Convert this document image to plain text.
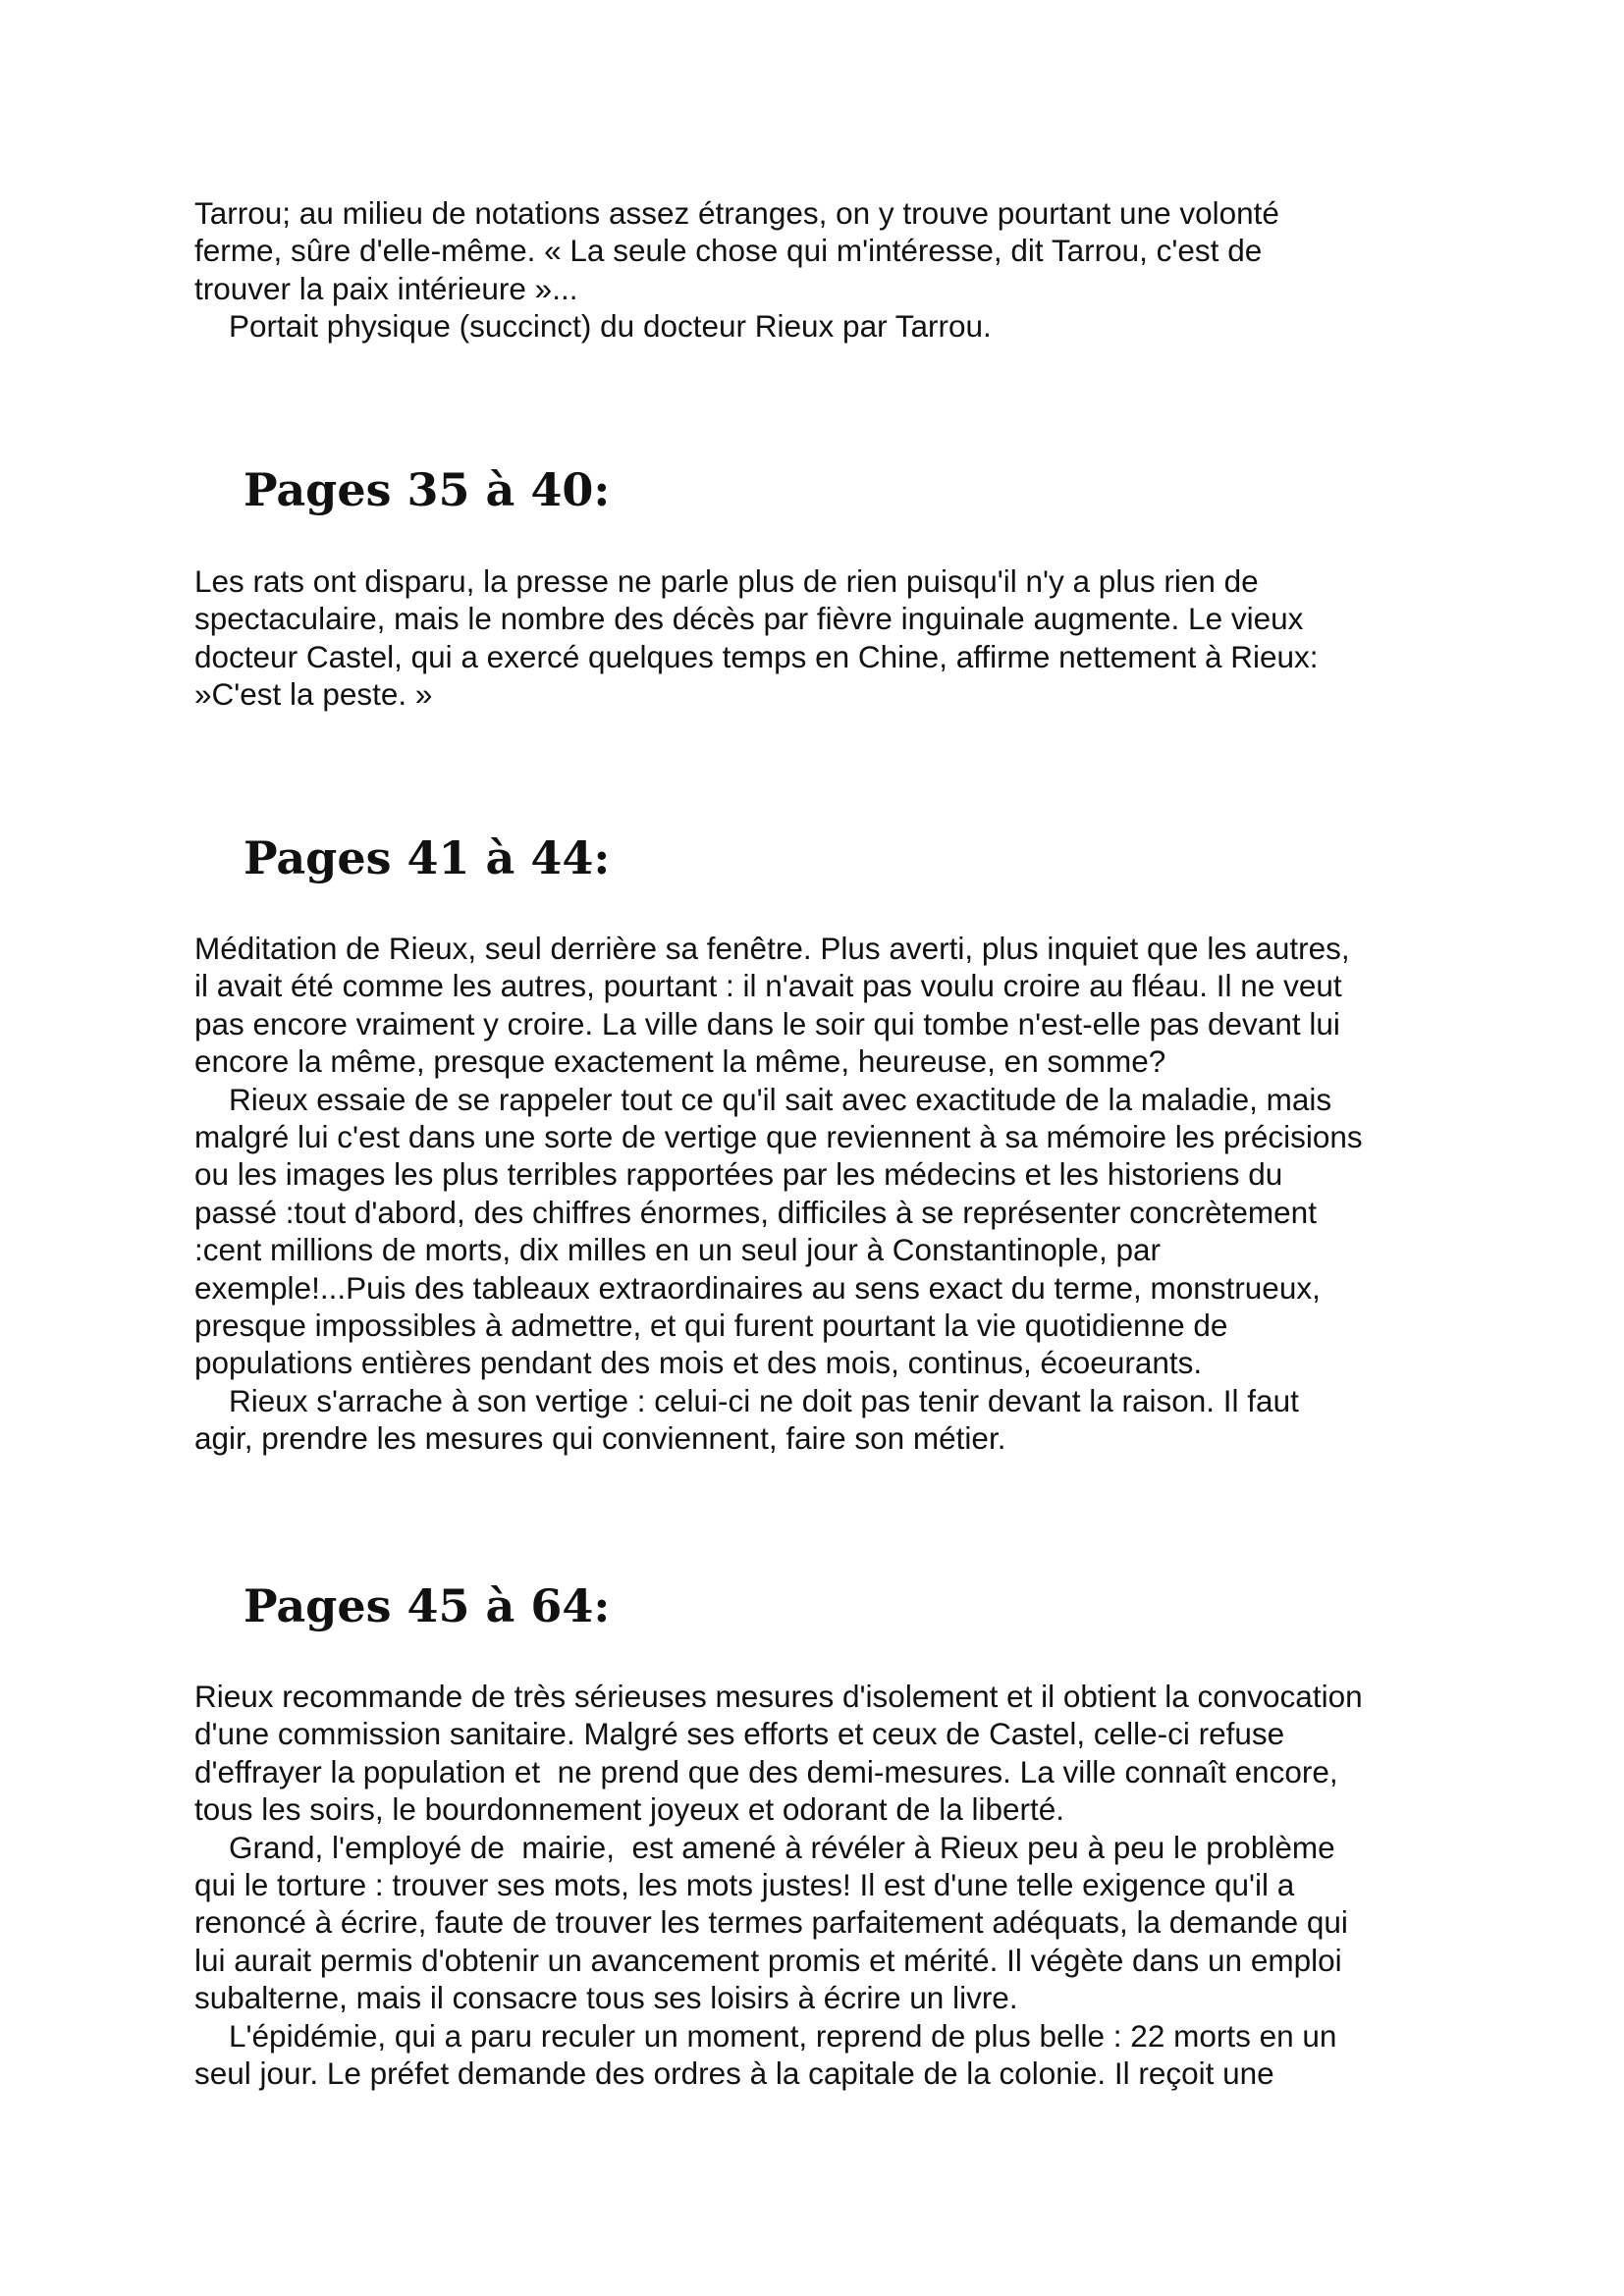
Tarrou; au milieu de notations assez étranges, on y trouve pourtant une volonté
ferme, sûre d'elle-même. « La seule chose qui m'intéresse, dit Tarrou, c'est de
trouver la paix intérieure »...
Portait physique (succinct) du docteur Rieux par Tarrou.
Pages 35 à 40:
Les rats ont disparu, la presse ne parle plus de rien puisqu'il n'y a plus rien de
spectaculaire, mais le nombre des décès par fièvre inguinale augmente. Le vieux
docteur Castel, qui a exercé quelques temps en Chine, affirme nettement à Rieux:
»C'est la peste. »
Pages 41 à 44:
Méditation de Rieux, seul derrière sa fenêtre. Plus averti, plus inquiet que les autres,
il avait été comme les autres, pourtant : il n'avait pas voulu croire au fléau. Il ne veut
pas encore vraiment y croire. La ville dans le soir qui tombe n'est-elle pas devant lui
encore la même, presque exactement la même, heureuse, en somme?
Rieux essaie de se rappeler tout ce qu'il sait avec exactitude de la maladie, mais
malgré lui c'est dans une sorte de vertige que reviennent à sa mémoire les précisions
ou les images les plus terribles rapportées par les médecins et les historiens du
passé :tout d'abord, des chiffres énormes, difficiles à se représenter concrètement
:cent millions de morts, dix milles en un seul jour à Constantinople, par
exemple!...Puis des tableaux extraordinaires au sens exact du terme, monstrueux,
presque impossibles à admettre, et qui furent pourtant la vie quotidienne de
populations entières pendant des mois et des mois, continus, écoeurants.
Rieux s'arrache à son vertige : celui-ci ne doit pas tenir devant la raison. Il faut
agir, prendre les mesures qui conviennent, faire son métier.
Pages 45 à 64:
Rieux recommande de très sérieuses mesures d'isolement et il obtient la convocation
d'une commission sanitaire. Malgré ses efforts et ceux de Castel, celle-ci refuse
d'effrayer la population et  ne prend que des demi-mesures. La ville connaît encore,
tous les soirs, le bourdonnement joyeux et odorant de la liberté.
Grand, l'employé de  mairie,  est amené à révéler à Rieux peu à peu le problème
qui le torture : trouver ses mots, les mots justes! Il est d'une telle exigence qu'il a
renoncé à écrire, faute de trouver les termes parfaitement adéquats, la demande qui
lui aurait permis d'obtenir un avancement promis et mérité. Il végète dans un emploi
subalterne, mais il consacre tous ses loisirs à écrire un livre.
L'épidémie, qui a paru reculer un moment, reprend de plus belle : 22 morts en un
seul jour. Le préfet demande des ordres à la capitale de la colonie. Il reçoit une
